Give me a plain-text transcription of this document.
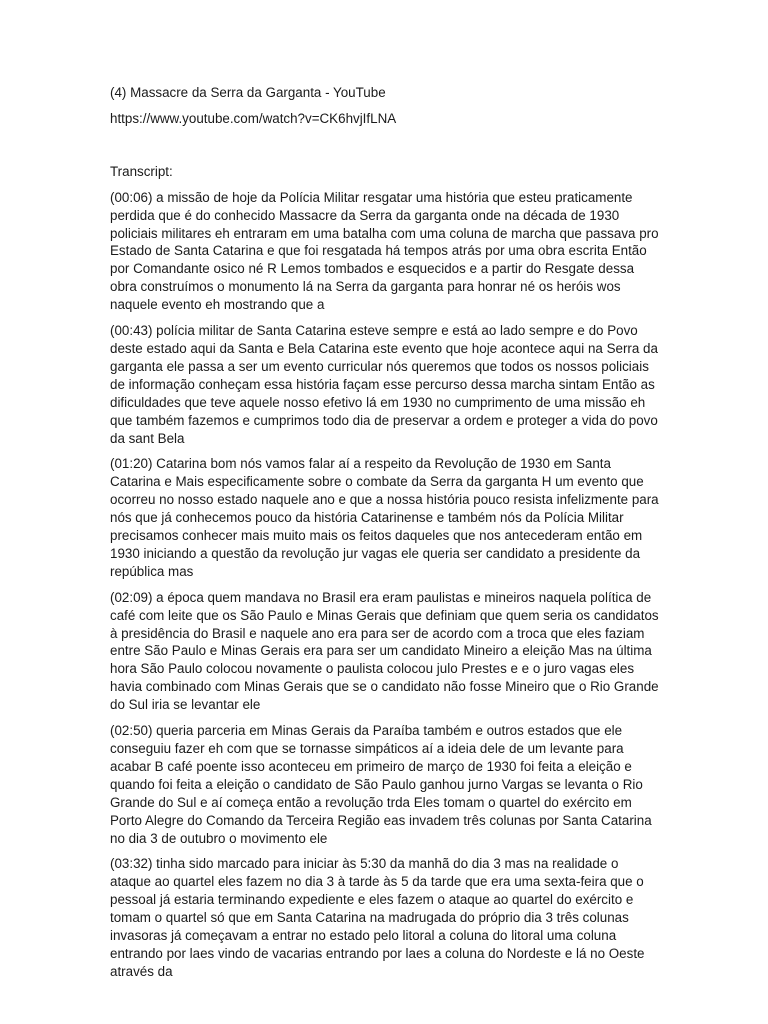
(4) Massacre da Serra da Garganta - YouTube
https://www.youtube.com/watch?v=CK6hvjIfLNA
Transcript:
(00:06) a missão de hoje da Polícia Militar resgatar uma história que esteu praticamente perdida que é do conhecido Massacre da Serra da garganta onde na década de 1930 policiais militares eh entraram em uma batalha com uma coluna de marcha que passava pro Estado de Santa Catarina e que foi resgatada há tempos atrás por uma obra escrita Então por Comandante osico né R Lemos tombados e esquecidos e a partir do Resgate dessa obra construímos o monumento lá na Serra da garganta para honrar né os heróis wos naquele evento eh mostrando que a
(00:43) polícia militar de Santa Catarina esteve sempre e está ao lado sempre e do Povo deste estado aqui da Santa e Bela Catarina este evento que hoje acontece aqui na Serra da garganta ele passa a ser um evento curricular nós queremos que todos os nossos policiais de informação conheçam essa história façam esse percurso dessa marcha sintam Então as dificuldades que teve aquele nosso efetivo lá em 1930 no cumprimento de uma missão eh que também fazemos e cumprimos todo dia de preservar a ordem e proteger a vida do povo da sant Bela
(01:20) Catarina bom nós vamos falar aí a respeito da Revolução de 1930 em Santa Catarina e Mais especificamente sobre o combate da Serra da garganta H um evento que ocorreu no nosso estado naquele ano e que a nossa história pouco resista infelizmente para nós que já conhecemos pouco da história Catarinense e também nós da Polícia Militar precisamos conhecer mais muito mais os feitos daqueles que nos antecederam então em 1930 iniciando a questão da revolução jur vagas ele queria ser candidato a presidente da república mas
(02:09) a época quem mandava no Brasil era eram paulistas e mineiros naquela política de café com leite que os São Paulo e Minas Gerais que definiam que quem seria os candidatos à presidência do Brasil e naquele ano era para ser de acordo com a troca que eles faziam entre São Paulo e Minas Gerais era para ser um candidato Mineiro a eleição Mas na última hora São Paulo colocou novamente o paulista colocou julo Prestes e e o juro vagas eles havia combinado com Minas Gerais que se o candidato não fosse Mineiro que o Rio Grande do Sul iria se levantar ele
(02:50) queria parceria em Minas Gerais da Paraíba também e outros estados que ele conseguiu fazer eh com que se tornasse simpáticos aí a ideia dele de um levante para acabar B café poente isso aconteceu em primeiro de março de 1930 foi feita a eleição e quando foi feita a eleição o candidato de São Paulo ganhou jurno Vargas se levanta o Rio Grande do Sul e aí começa então a revolução trda Eles tomam o quartel do exército em Porto Alegre do Comando da Terceira Região eas invadem três colunas por Santa Catarina no dia 3 de outubro o movimento ele
(03:32) tinha sido marcado para iniciar às 5:30 da manhã do dia 3 mas na realidade o ataque ao quartel eles fazem no dia 3 à tarde às 5 da tarde que era uma sexta-feira que o pessoal já estaria terminando expediente e eles fazem o ataque ao quartel do exército e tomam o quartel só que em Santa Catarina na madrugada do próprio dia 3 três colunas invasoras já começavam a entrar no estado pelo litoral a coluna do litoral uma coluna entrando por laes vindo de vacarias entrando por laes a coluna do Nordeste e lá no Oeste através da
